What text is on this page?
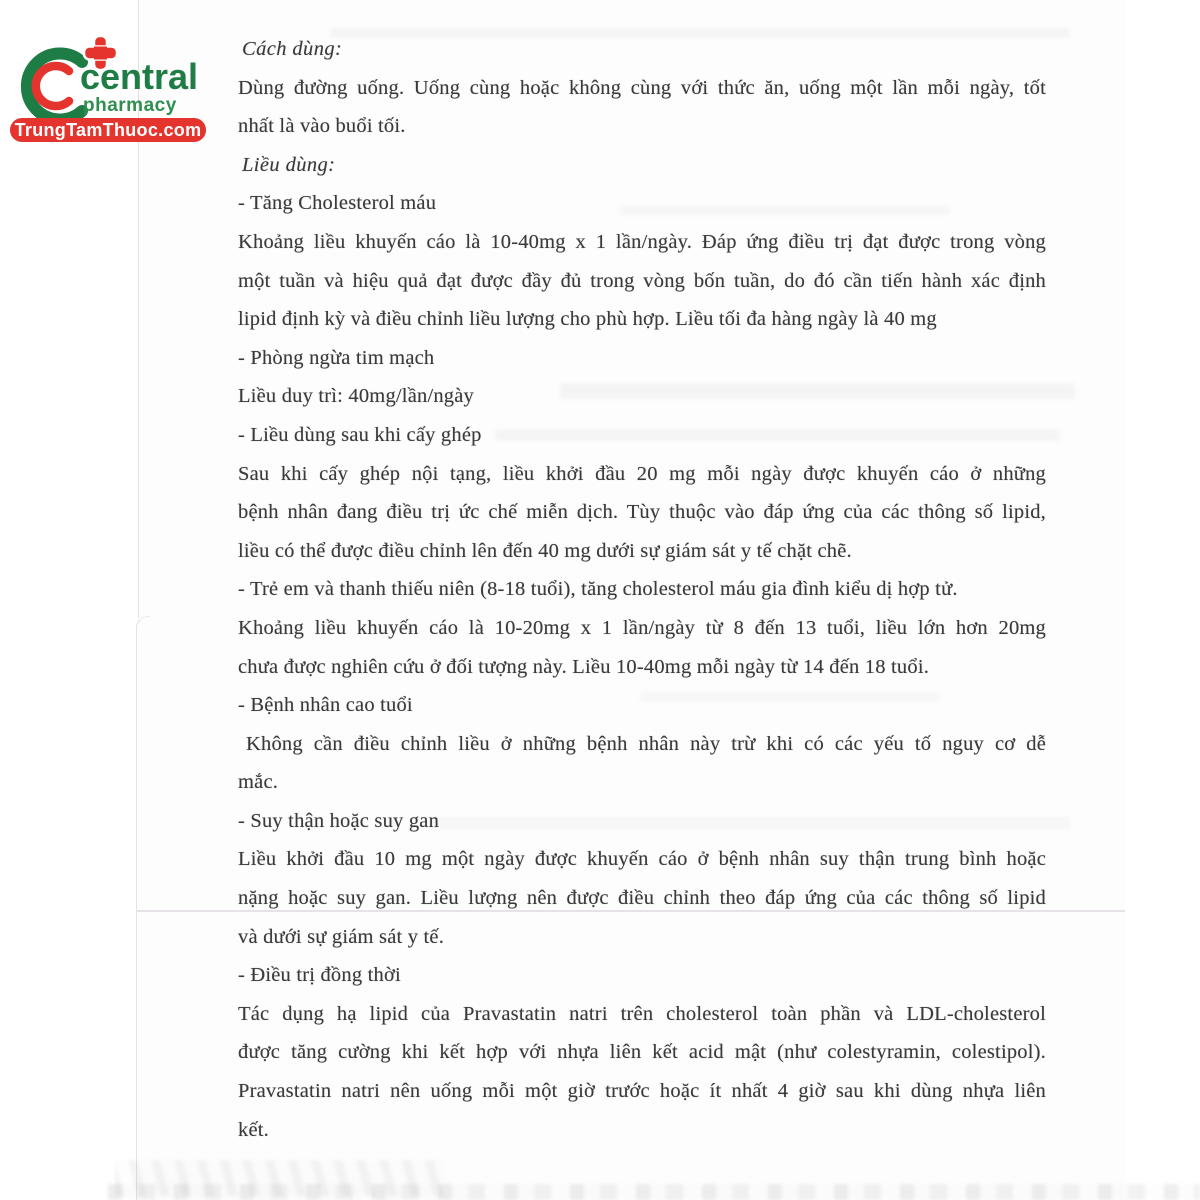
central
pharmacy
TrungTamThuoc.com
Cách dùng:
Dùng đường uống. Uống cùng hoặc không cùng với thức ăn, uống một lần mỗi ngày, tốt
nhất là vào buổi tối.
Liều dùng:
- Tăng Cholesterol máu
Khoảng liều khuyến cáo là 10-40mg x 1 lần/ngày. Đáp ứng điều trị đạt được trong vòng
một tuần và hiệu quả đạt được đầy đủ trong vòng bốn tuần, do đó cần tiến hành xác định
lipid định kỳ và điều chỉnh liều lượng cho phù hợp. Liều tối đa hàng ngày là 40 mg
- Phòng ngừa tim mạch
Liều duy trì: 40mg/lần/ngày
- Liều dùng sau khi cấy ghép
Sau khi cấy ghép nội tạng, liều khởi đầu 20 mg mỗi ngày được khuyến cáo ở những
bệnh nhân đang điều trị ức chế miễn dịch. Tùy thuộc vào đáp ứng của các thông số lipid,
liều có thể được điều chỉnh lên đến 40 mg dưới sự giám sát y tế chặt chẽ.
- Trẻ em và thanh thiếu niên (8-18 tuổi), tăng cholesterol máu gia đình kiểu dị hợp tử.
Khoảng liều khuyến cáo là 10-20mg x 1 lần/ngày từ 8 đến 13 tuổi, liều lớn hơn 20mg
chưa được nghiên cứu ở đối tượng này. Liều 10-40mg mỗi ngày từ 14 đến 18 tuổi.
- Bệnh nhân cao tuổi
Không cần điều chỉnh liều ở những bệnh nhân này trừ khi có các yếu tố nguy cơ dễ
mắc.
- Suy thận hoặc suy gan
Liều khởi đầu 10 mg một ngày được khuyến cáo ở bệnh nhân suy thận trung bình hoặc
nặng hoặc suy gan. Liều lượng nên được điều chỉnh theo đáp ứng của các thông số lipid
và dưới sự giám sát y tế.
- Điều trị đồng thời
Tác dụng hạ lipid của Pravastatin natri trên cholesterol toàn phần và LDL-cholesterol
được tăng cường khi kết hợp với nhựa liên kết acid mật (như colestyramin, colestipol).
Pravastatin natri nên uống mỗi một giờ trước hoặc ít nhất 4 giờ sau khi dùng nhựa liên
kết.
